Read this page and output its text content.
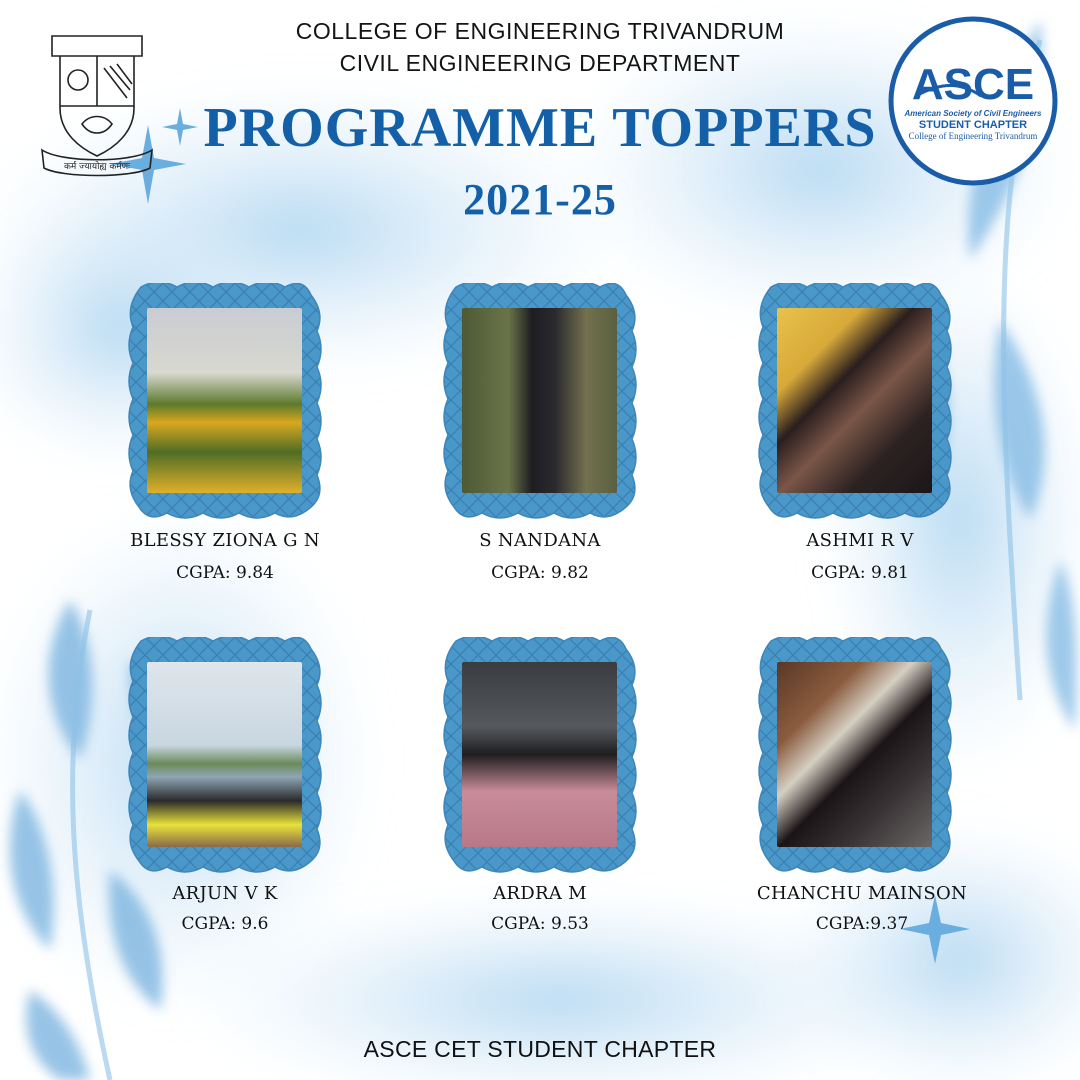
कर्म ज्यायोह्य कर्मणः
ASCE
American Society of Civil Engineers
STUDENT CHAPTER
College of Engineering Trivandrum
COLLEGE OF ENGINEERING TRIVANDRUM
CIVIL ENGINEERING DEPARTMENT
PROGRAMME TOPPERS
2021-25
BLESSY ZIONA G N
CGPA: 9.84
S NANDANA
CGPA: 9.82
ASHMI R V
CGPA: 9.81
ARJUN V K
CGPA: 9.6
ARDRA M
CGPA: 9.53
CHANCHU MAINSON
CGPA:9.37
ASCE CET STUDENT CHAPTER
